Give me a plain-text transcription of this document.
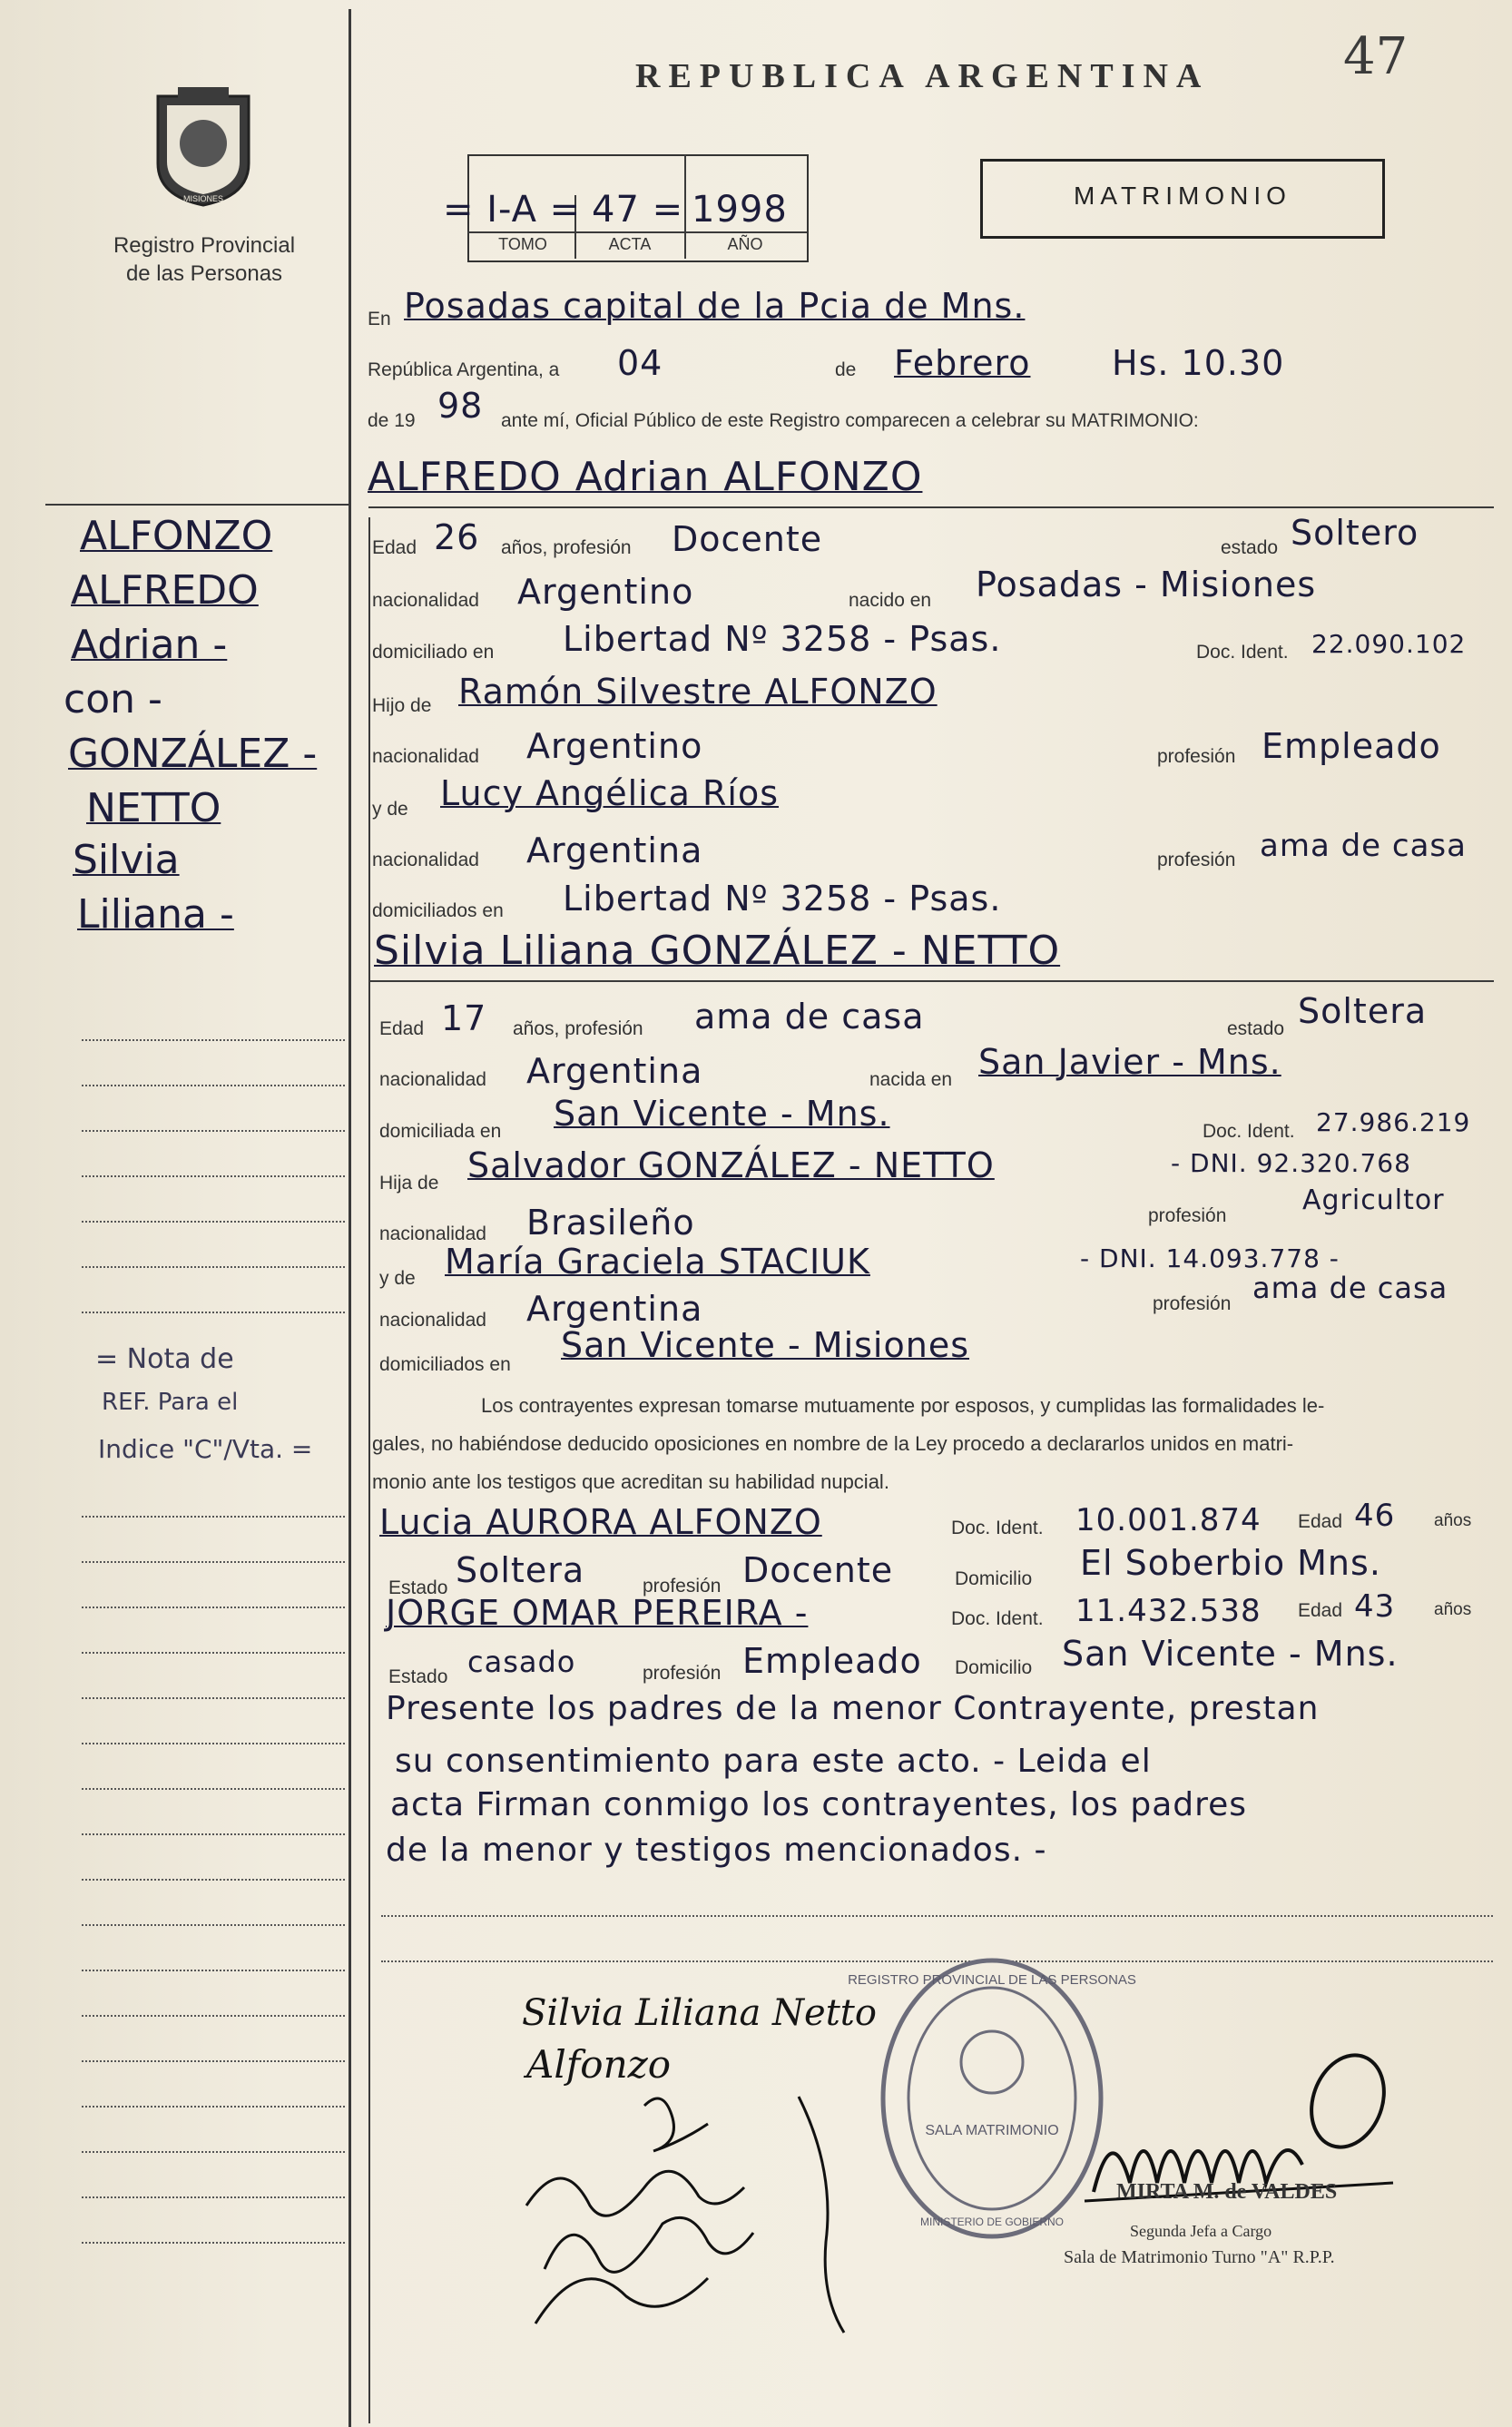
47
REPUBLICA ARGENTINA
MISIONES
Registro Provincial
de las Personas
= I-A = 47 = 1998
TOMO	ACTA	AÑO
MATRIMONIO
ALFONZO
ALFREDO
Adrian -
con -
GONZÁLEZ -
NETTO
Silvia
Liliana -
= Nota de
REF. Para el
Indice "C"/Vta. =
En Posadas capital de la Pcia de Mns.
República Argentina, a 04	de Febrero Hs. 10.30
de 19 98 ante mí, Oficial Público de este Registro comparecen a celebrar su MATRIMONIO:
ALFREDO Adrian ALFONZO
Edad 26 años, profesión Docente	estado Soltero
nacionalidad Argentino	nacido en Posadas - Misiones
domiciliado en Libertad Nº 3258 - Psas.	Doc. Ident. 22.090.102
Hijo de Ramón Silvestre ALFONZO
nacionalidad Argentino	profesión Empleado
y de Lucy Angélica Ríos
nacionalidad Argentina	profesión ama de casa
domiciliados en Libertad Nº 3258 - Psas.
Silvia Liliana GONZÁLEZ - NETTO
Edad 17 años, profesión ama de casa	estado Soltera
nacionalidad Argentina	nacida en San Javier - Mns.
domiciliada en San Vicente - Mns.	Doc. Ident. 27.986.219
Hija de Salvador GONZÁLEZ - NETTO	- DNI. 92.320.768
nacionalidad Brasileño	profesión	Agricultor
y de María Graciela STACIUK	- DNI. 14.093.778 -
nacionalidad Argentina	profesión ama de casa
domiciliados en San Vicente - Misiones
Los contrayentes expresan tomarse mutuamente por esposos, y cumplidas las formalidades le-
gales, no habiéndose deducido oposiciones en nombre de la Ley procedo a declararlos unidos en matri-
monio ante los testigos que acreditan su habilidad nupcial.
Lucia AURORA ALFONZO	Doc. Ident. 10.001.874 Edad 46 años
Estado Soltera	profesión Docente	Domicilio El Soberbio Mns.
JORGE OMAR PEREIRA -	Doc. Ident. 11.432.538 Edad 43 años
Estado casado	profesión Empleado Domicilio San Vicente - Mns.
Presente los padres de la menor Contrayente, prestan
su consentimiento para este acto. - Leida el
acta Firman conmigo los contrayentes, los padres
de la menor y testigos mencionados. -
Silvia Liliana Netto
Alfonzo
REGISTRO PROVINCIAL DE LAS PERSONAS
SALA MATRIMONIO
MINISTERIO DE GOBIERNO
MIRTA M. de VALDES
Segunda Jefa a Cargo
Sala de Matrimonio Turno "A" R.P.P.
